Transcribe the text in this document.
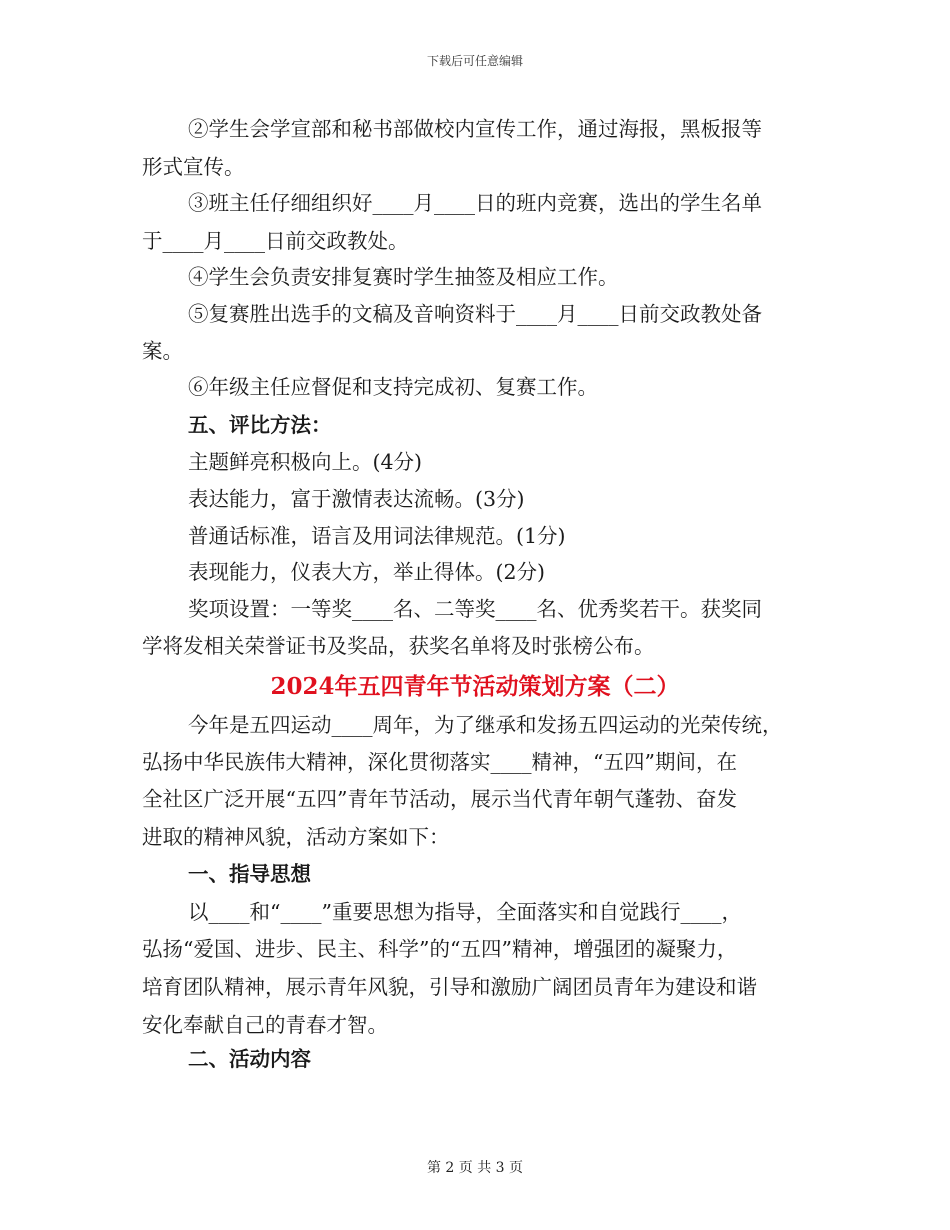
下载后可任意编辑
②学生会学宣部和秘书部做校内宣传工作，通过海报，黑板报等
形式宣传。
③班主任仔细组织好____月____日的班内竞赛，选出的学生名单
于____月____日前交政教处。
④学生会负责安排复赛时学生抽签及相应工作。
⑤复赛胜出选手的文稿及音响资料于____月____日前交政教处备
案。
⑥年级主任应督促和支持完成初、复赛工作。
五、评比方法：
主题鲜亮积极向上。(4分)
表达能力，富于激情表达流畅。(3分)
普通话标准，语言及用词法律规范。(1分)
表现能力，仪表大方，举止得体。(2分)
奖项设置：一等奖____名、二等奖____名、优秀奖若干。获奖同
学将发相关荣誉证书及奖品，获奖名单将及时张榜公布。
2024年五四青年节活动策划方案（二）
今年是五四运动____周年，为了继承和发扬五四运动的光荣传统，
弘扬中华民族伟大精神，深化贯彻落实____精神，“五四”期间，在
全社区广泛开展“五四”青年节活动，展示当代青年朝气蓬勃、奋发
进取的精神风貌，活动方案如下：
一、指导思想
以____和“____”重要思想为指导，全面落实和自觉践行____，
弘扬“爱国、进步、民主、科学”的“五四”精神，增强团的凝聚力，
培育团队精神，展示青年风貌，引导和激励广阔团员青年为建设和谐
安化奉献自己的青春才智。
二、活动内容
第 2 页 共 3 页
